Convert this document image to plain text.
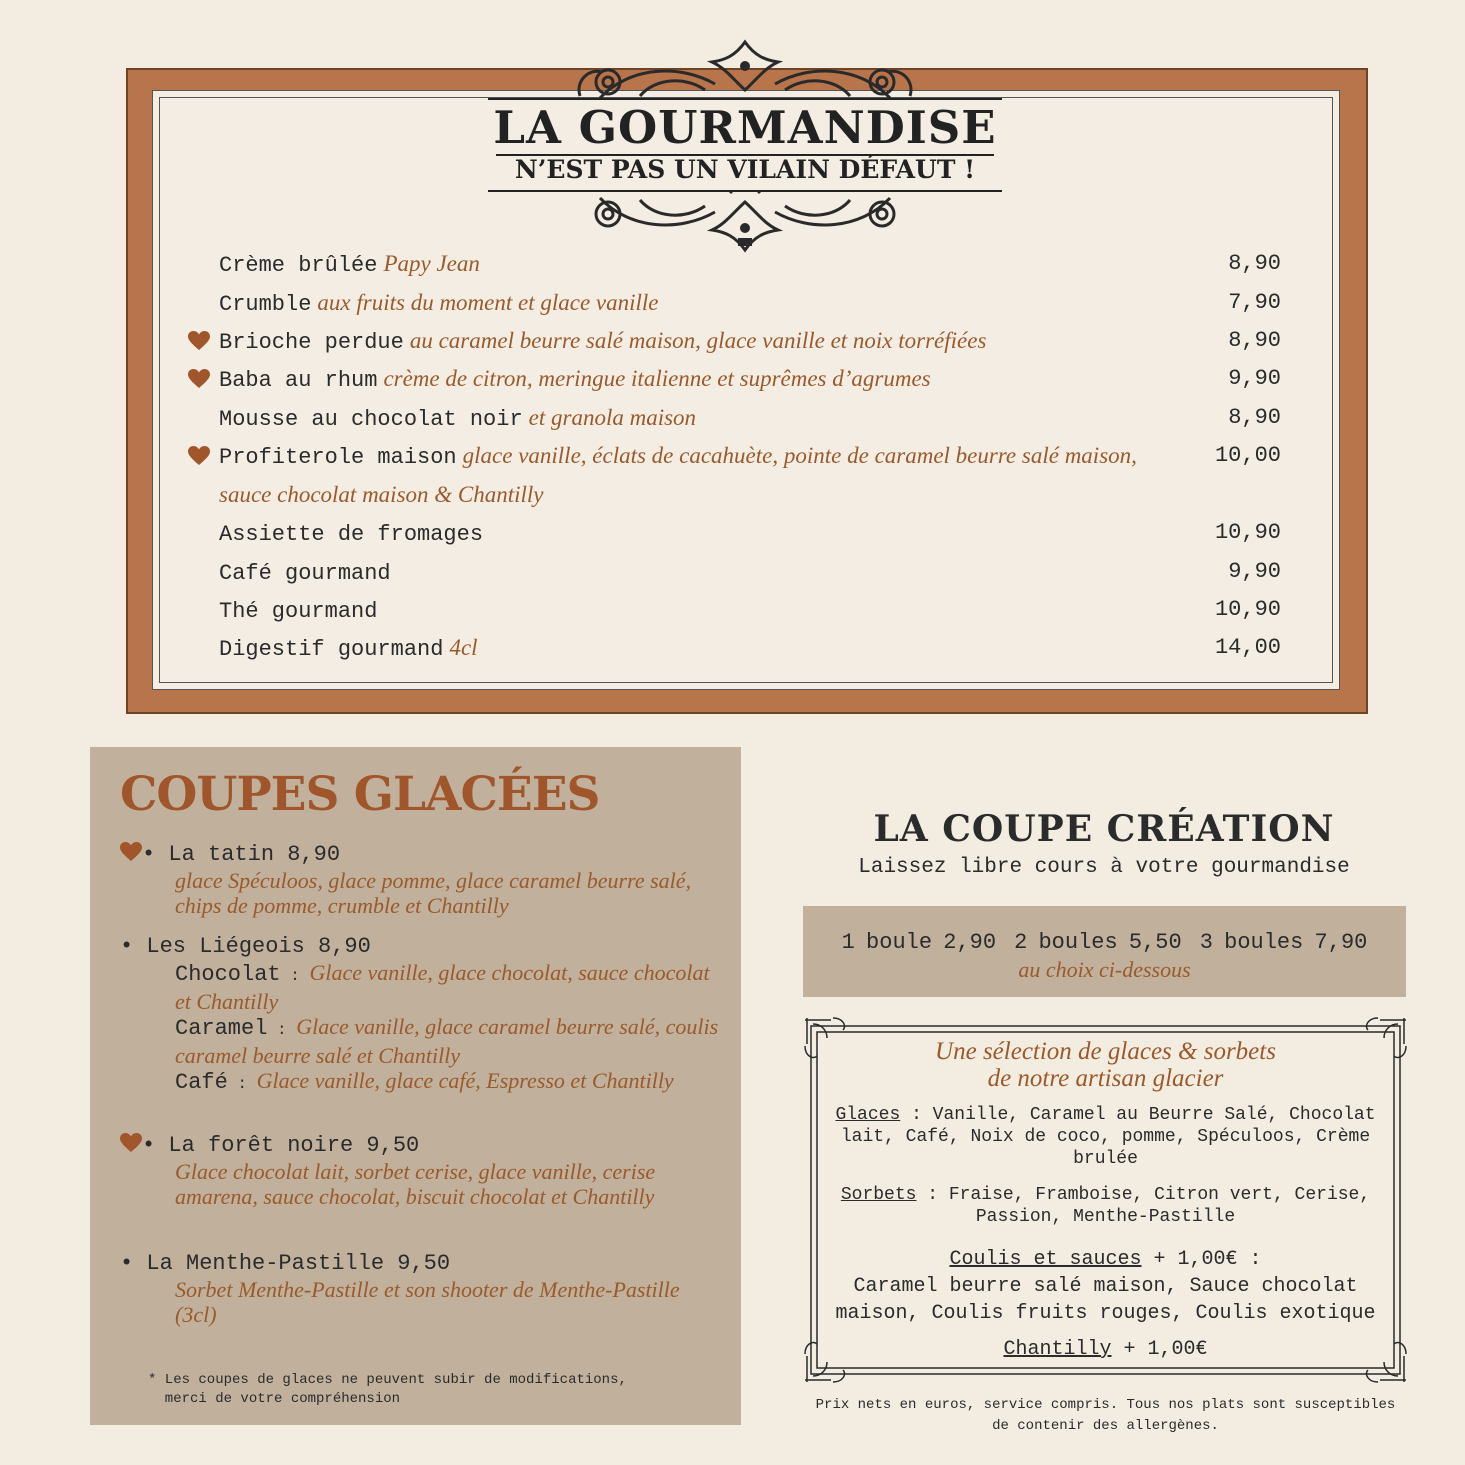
LA GOURMANDISE
N’EST PAS UN VILAIN DÉFAUT !
Crème brûlée Papy Jean	8,90
Crumble aux fruits du moment et glace vanille	7,90
Brioche perdue au caramel beurre salé maison, glace vanille et noix torréfiées	8,90
Baba au rhum crème de citron, meringue italienne et suprêmes d’agrumes	9,90
Mousse au chocolat noir et granola maison	8,90
Profiterole maison glace vanille, éclats de cacahuète, pointe de caramel beurre salé maison,	10,00
sauce chocolat maison & Chantilly
Assiette de fromages	10,90
Café gourmand	9,90
Thé gourmand	10,90
Digestif gourmand 4cl	14,00
COUPES GLACÉES
• La tatin 8,90
glace Spéculoos, glace pomme, glace caramel beurre salé, chips de pomme, crumble et Chantilly
• Les Liégeois 8,90
Chocolat : Glace vanille, glace chocolat, sauce chocolat et Chantilly
Caramel : Glace vanille, glace caramel beurre salé, coulis caramel beurre salé et Chantilly
Café : Glace vanille, glace café, Espresso et Chantilly
• La forêt noire 9,50
Glace chocolat lait, sorbet cerise, glace vanille, cerise amarena, sauce chocolat, biscuit chocolat et Chantilly
• La Menthe-Pastille 9,50
Sorbet Menthe-Pastille et son shooter de Menthe-Pastille (3cl)
* Les coupes de glaces ne peuvent subir de modifications,
merci de votre compréhension
LA COUPE CRÉATION
Laissez libre cours à votre gourmandise
1 boule 2,90 2 boules 5,50 3 boules 7,90
au choix ci-dessous
Une sélection de glaces & sorbets
de notre artisan glacier
Glaces : Vanille, Caramel au Beurre Salé, Chocolat lait, Café, Noix de coco, pomme, Spéculoos, Crème brulée
Sorbets : Fraise, Framboise, Citron vert, Cerise, Passion, Menthe-Pastille
Coulis et sauces + 1,00€ :
Caramel beurre salé maison, Sauce chocolat maison, Coulis fruits rouges, Coulis exotique
Chantilly + 1,00€
Prix nets en euros, service compris. Tous nos plats sont susceptibles
de contenir des allergènes.
